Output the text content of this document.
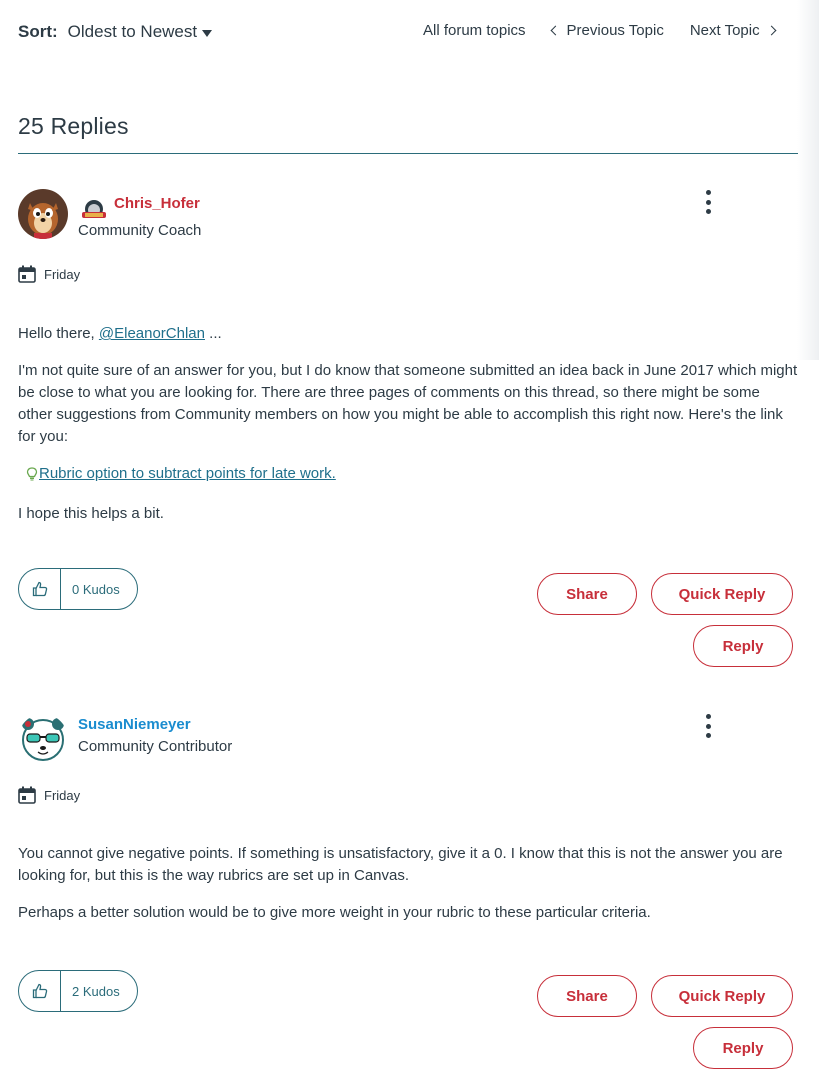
Sort: Oldest to Newest	All forum topics	Previous Topic Next Topic
25 Replies
Chris_Hofer
Community Coach
Friday

Hello there, @EleanorChlan ...

I'm not quite sure of an answer for you, but I do know that someone submitted an idea back in June 2017 which might be close to what you are looking for. There are three pages of comments on this thread, so there might be some other suggestions from Community members on how you might be able to accomplish this right now. Here's the link for you:

Rubric option to subtract points for late work.

I hope this helps a bit.

0 Kudos	Share	Quick Reply
Reply
SusanNiemeyer
Community Contributor
Friday

You cannot give negative points. If something is unsatisfactory, give it a 0. I know that this is not the answer you are looking for, but this is the way rubrics are set up in Canvas.

Perhaps a better solution would be to give more weight in your rubric to these particular criteria.

2 Kudos	Share	Quick Reply
Reply
